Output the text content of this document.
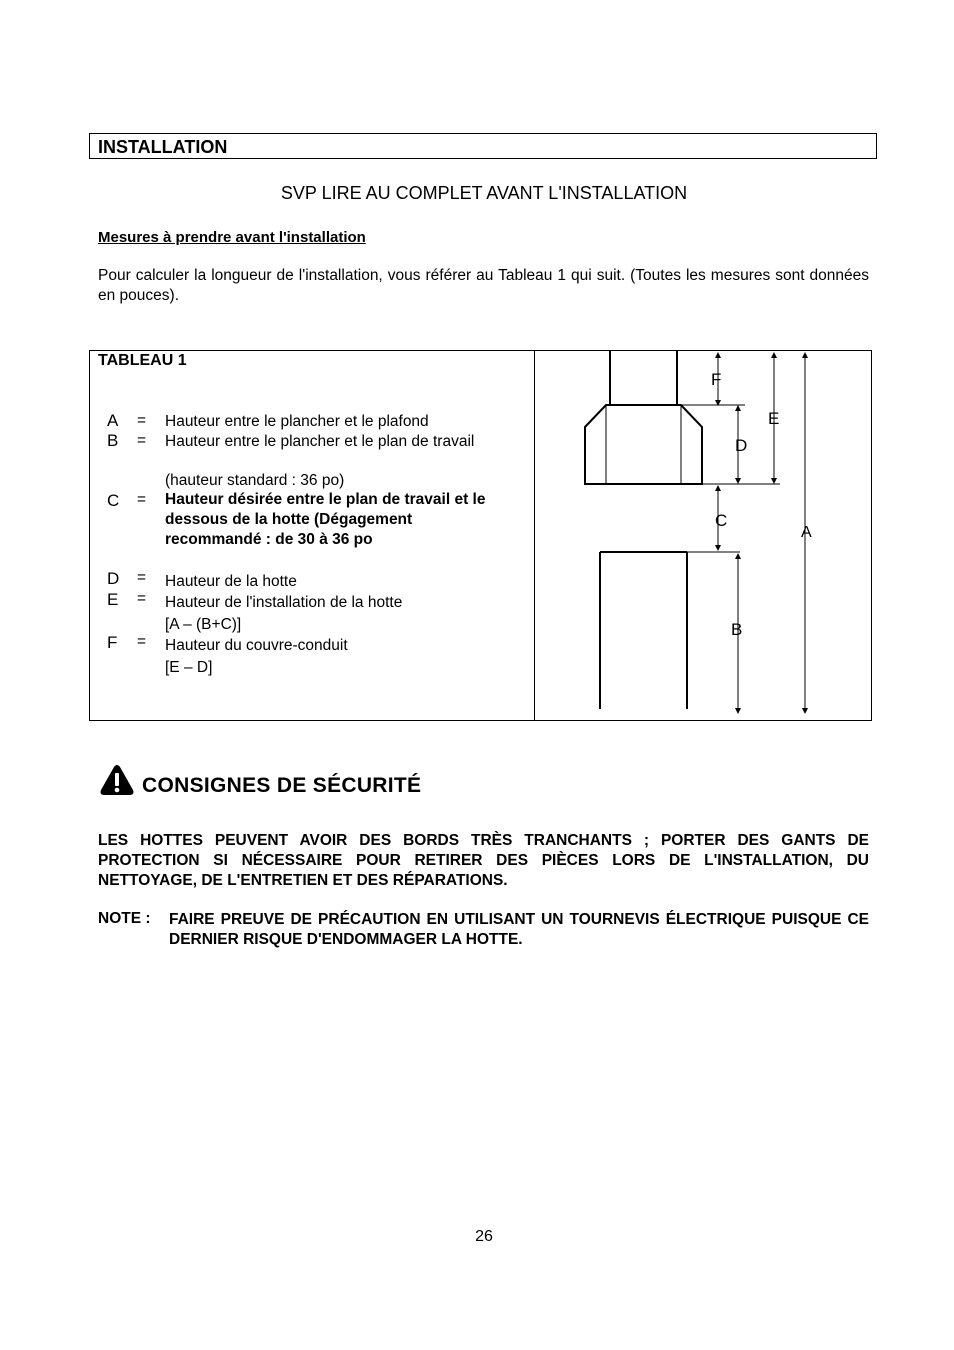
INSTALLATION
SVP LIRE AU COMPLET AVANT L'INSTALLATION
Mesures à prendre avant l'installation
Pour calculer la longueur de l'installation, vous référer au Tableau 1 qui suit. (Toutes les mesures sont données en pouces).
TABLEAU 1
A = Hauteur entre le plancher et le plafond
B = Hauteur entre le plancher et le plan de travail
(hauteur standard : 36 po)
C = Hauteur désirée entre le plan de travail et le dessous de la hotte (Dégagement recommandé : de 30 à 36 po
D = Hauteur de la hotte
E = Hauteur de l'installation de la hotte
[A – (B+C)]
F = Hauteur du couvre-conduit
[E – D]
F
E
D
C
A
B
CONSIGNES DE SÉCURITÉ
LES HOTTES PEUVENT AVOIR DES BORDS TRÈS TRANCHANTS ; PORTER DES GANTS DE PROTECTION SI NÉCESSAIRE POUR RETIRER DES PIÈCES LORS DE L'INSTALLATION, DU NETTOYAGE, DE L'ENTRETIEN ET DES RÉPARATIONS.
NOTE : FAIRE PREUVE DE PRÉCAUTION EN UTILISANT UN TOURNEVIS ÉLECTRIQUE PUISQUE CE DERNIER RISQUE D'ENDOMMAGER LA HOTTE.
26
